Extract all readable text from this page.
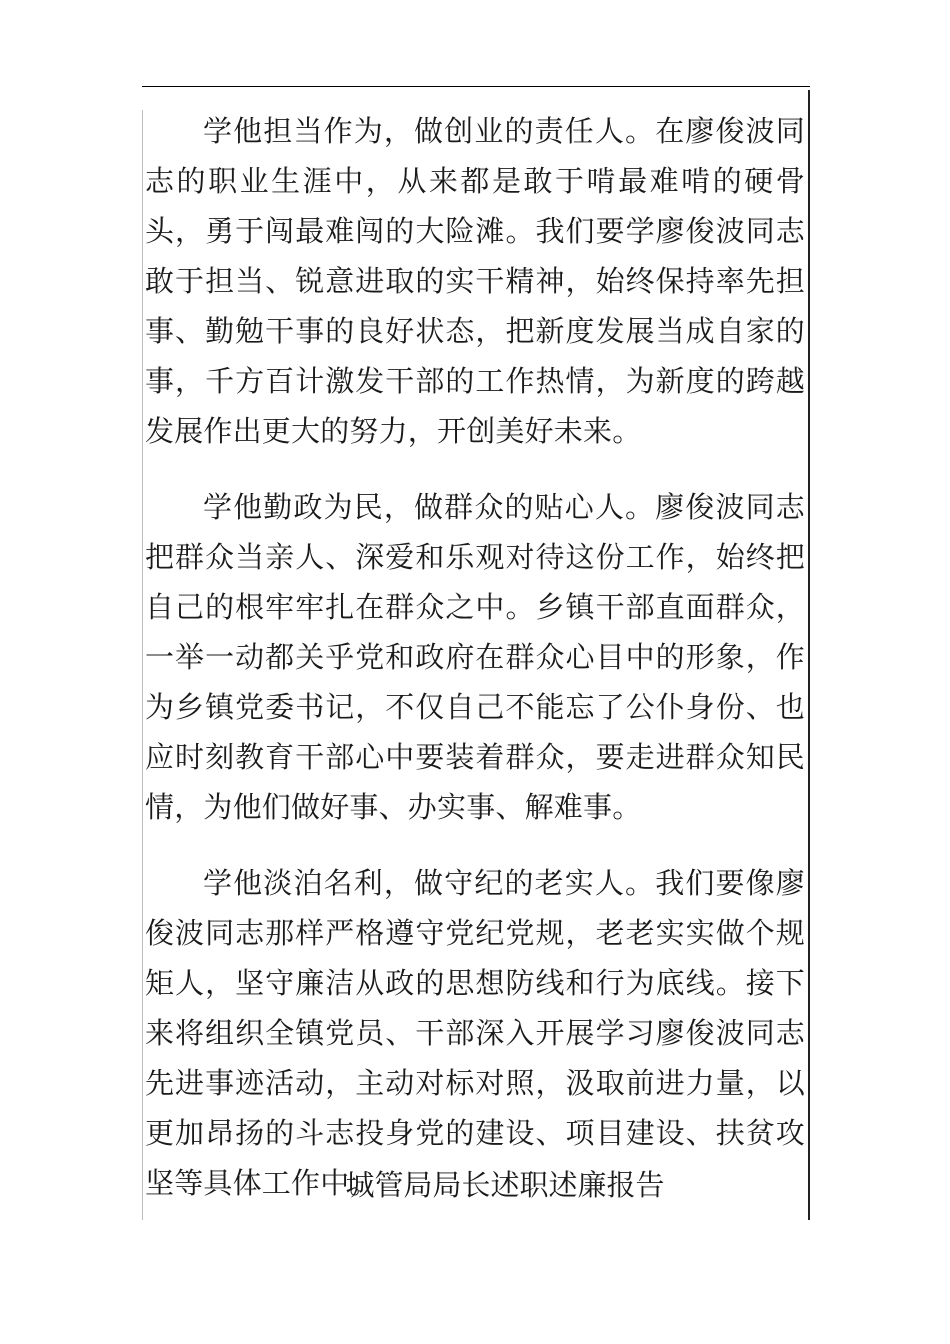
学他担当作为，做创业的责任人。在廖俊波同志的职业生涯中，从来都是敢于啃最难啃的硬骨头，勇于闯最难闯的大险滩。我们要学廖俊波同志敢于担当、锐意进取的实干精神，始终保持率先担事、勤勉干事的良好状态，把新度发展当成自家的事，千方百计激发干部的工作热情，为新度的跨越发展作出更大的努力，开创美好未来。

学他勤政为民，做群众的贴心人。廖俊波同志把群众当亲人、深爱和乐观对待这份工作，始终把自己的根牢牢扎在群众之中。乡镇干部直面群众，一举一动都关乎党和政府在群众心目中的形象，作为乡镇党委书记，不仅自己不能忘了公仆身份、也应时刻教育干部心中要装着群众，要走进群众知民情，为他们做好事、办实事、解难事。

学他淡泊名利，做守纪的老实人。我们要像廖俊波同志那样严格遵守党纪党规，老老实实做个规矩人，坚守廉洁从政的思想防线和行为底线。接下来将组织全镇党员、干部深入开展学习廖俊波同志先进事迹活动，主动对标对照，汲取前进力量，以更加昂扬的斗志投身党的建设、项目建设、扶贫攻坚等具体工作中。

城管局局长述职述廉报告
